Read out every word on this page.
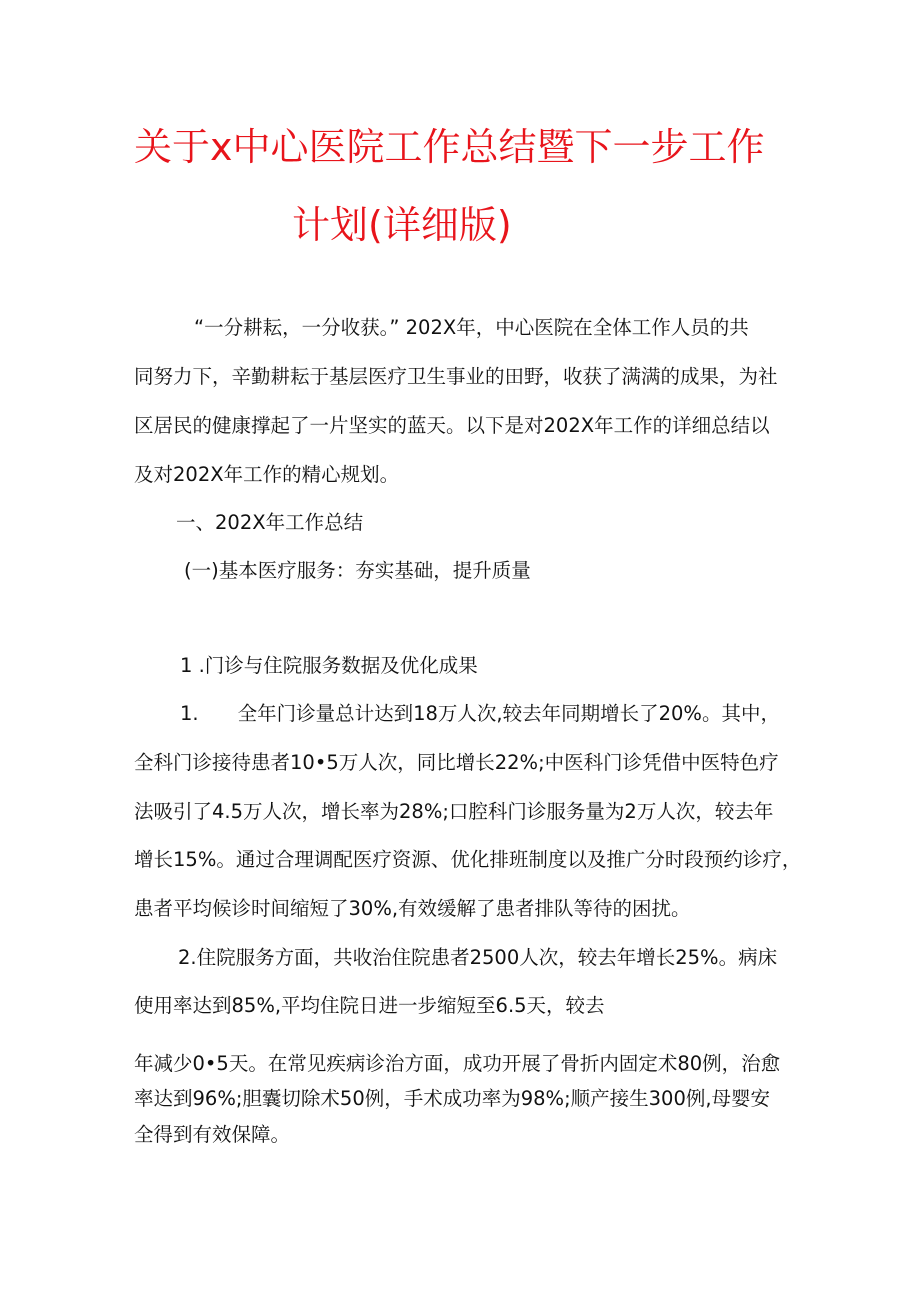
关于x中心医院工作总结暨下一步工作
计划(详细版)
“一分耕耘，一分收获。” 202X年，中心医院在全体工作人员的共
同努力下，辛勤耕耘于基层医疗卫生事业的田野，收获了满满的成果，为社
区居民的健康撑起了一片坚实的蓝天。以下是对202X年工作的详细总结以
及对202X年工作的精心规划。
一、202X年工作总结
(一)基本医疗服务：夯实基础，提升质量
1 .门诊与住院服务数据及优化成果
1.　　全年门诊量总计达到18万人次,较去年同期增长了20%。其中，
全科门诊接待患者10•5万人次，同比增长22%;中医科门诊凭借中医特色疗
法吸引了4.5万人次，增长率为28%;口腔科门诊服务量为2万人次，较去年
增长15%。通过合理调配医疗资源、优化排班制度以及推广分时段预约诊疗，
患者平均候诊时间缩短了30%,有效缓解了患者排队等待的困扰。
2.住院服务方面，共收治住院患者2500人次，较去年增长25%。病床
使用率达到85%,平均住院日进一步缩短至6.5天，较去
年减少0•5天。在常见疾病诊治方面，成功开展了骨折内固定术80例，治愈
率达到96%;胆囊切除术50例，手术成功率为98%;顺产接生300例,母婴安
全得到有效保障。
